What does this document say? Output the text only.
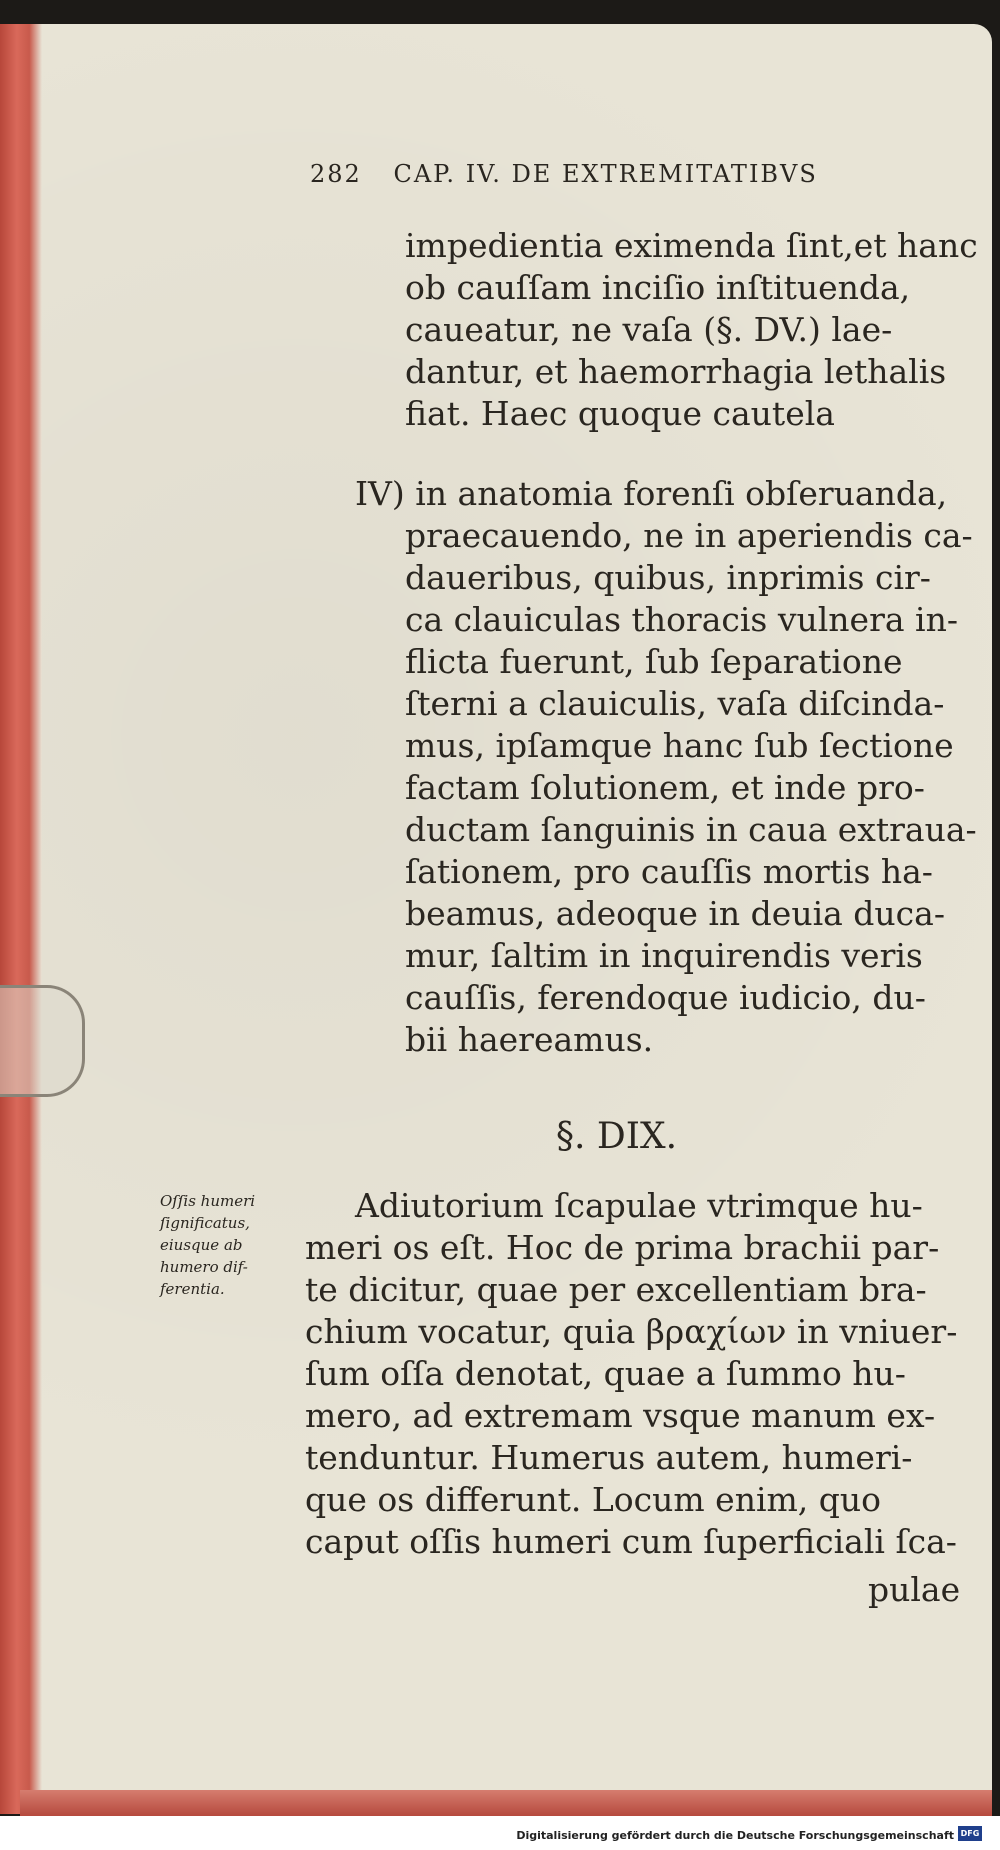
282 CAP. IV. DE EXTREMITATIBVS
impedientia eximenda ſint,et hanc
ob cauſſam inciſio inſtituenda,
caueatur, ne vaſa (§. DV.) lae-
dantur, et haemorrhagia lethalis
fiat. Haec quoque cautela
IV) in anatomia forenſi obſeruanda,
praecauendo, ne in aperiendis ca-
daueribus, quibus, inprimis cir-
ca clauiculas thoracis vulnera in-
flicta fuerunt, ſub ſeparatione
ſterni a clauiculis, vaſa diſcinda-
mus, ipſamque hanc ſub ſectione
factam ſolutionem, et inde pro-
ductam ſanguinis in caua extraua-
ſationem, pro cauſſis mortis ha-
beamus, adeoque in deuia duca-
mur, ſaltim in inquirendis veris
cauſſis, ferendoque iudicio, du-
bii haereamus.
§. DIX.
Oſſis humeri
ſignificatus,
eiusque ab
humero dif-
ferentia.
Adiutorium ſcapulae vtrimque hu-
meri os eſt. Hoc de prima brachii par-
te dicitur, quae per excellentiam bra-
chium vocatur, quia βραχίων in vniuer-
ſum oſſa denotat, quae a ſummo hu-
mero, ad extremam vsque manum ex-
tenduntur. Humerus autem, humeri-
que os differunt. Locum enim, quo
caput oſſis humeri cum ſuperficiali ſca-
pulae
Digitalisierung gefördert durch die Deutsche Forschungsgemeinschaft DFG
